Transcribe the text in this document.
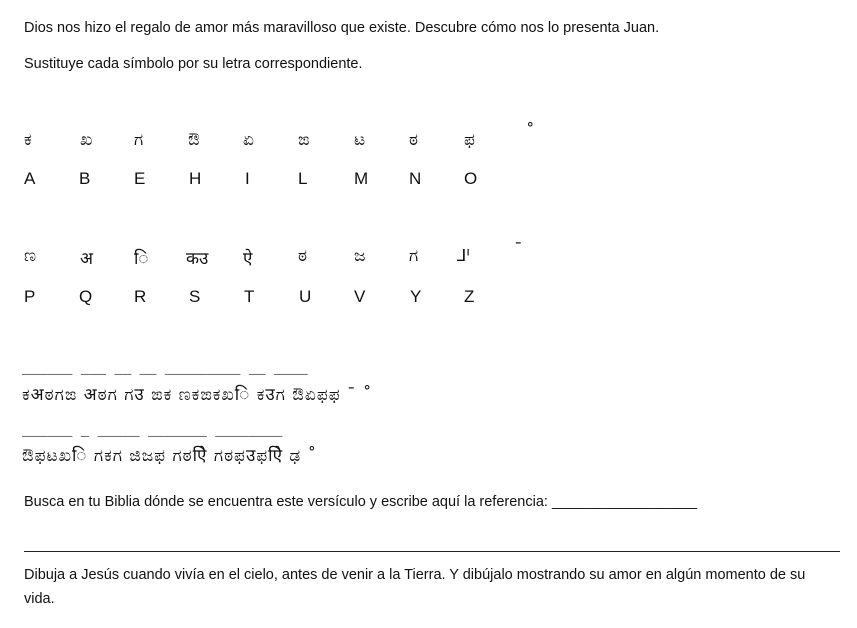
Dios nos hizo el regalo de amor más maravilloso que existe. Descubre cómo nos lo presenta Juan.
Sustituye cada símbolo por su letra correspondiente.
ಕ	ಖ ಗ	ಔ	ಏ	ಙ	ಟ	ಠ	ಫ	˚
A	B	E	H	I	L	M N	O
ಣ	अ ि कउ ऐ	ಠ	ಜ	ಗ ᒧᑊ	ˉ
P	Q R	S	T	U	V	Y	Z
______ ___ __ __ _________ __ ____
ಕअಠಗಙ अಠಗ ಗउ ಙಕ ಣಕಙಕಖि ಕउಗ ಔಏಫಫ ˉ ˚
______ _ _____ _______ ________
ಔಫಟಖि ಗಕಗ ಜಿಜಫ ಗಠऐि ಗಠಫउಫऐि ಢ ˚
Busca en tu Biblia dónde se encuentra este versículo y escribe aquí la referencia: __________________
Dibuja a Jesús cuando vivía en el cielo, antes de venir a la Tierra. Y dibújalo mostrando su amor en algún momento de su vida.
